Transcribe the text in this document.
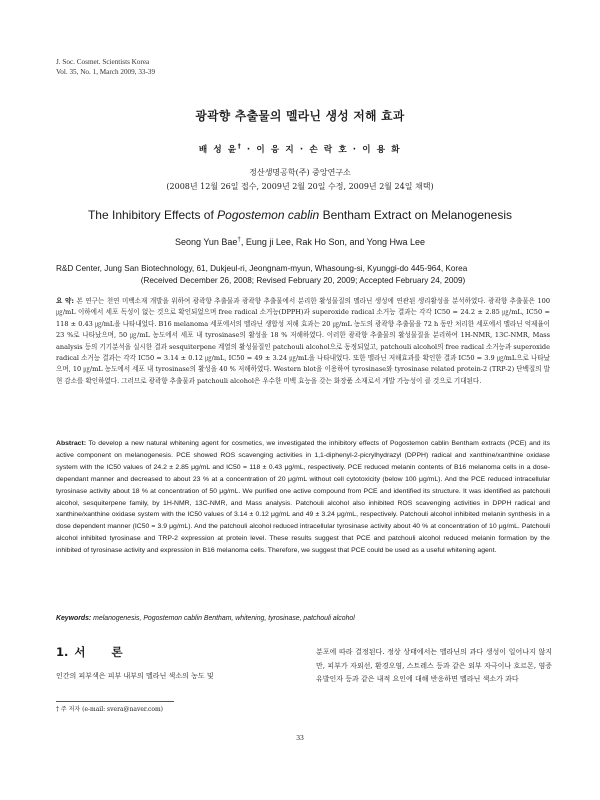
J. Soc. Cosmet. Scientists Korea
Vol. 35, No. 1, March 2009, 33-39
광곽향 추출물의 멜라닌 생성 저해 효과
배 성 윤† · 이 응 지 · 손 락 호 · 이 용 화
정산생명공학(주) 중앙연구소
(2008년 12월 26일 접수, 2009년 2월 20일 수정, 2009년 2월 24일 채택)
The Inhibitory Effects of Pogostemon cablin Bentham Extract on Melanogenesis
Seong Yun Bae†, Eung ji Lee, Rak Ho Son, and Yong Hwa Lee
R&D Center, Jung San Biotechnology, 61, Dukjeul-ri, Jeongnam-myun, Whasoung-si, Kyunggi-do 445-964, Korea
(Received December 26, 2008; Revised February 20, 2009; Accepted February 24, 2009)
요 약: 본 연구는 천연 미백소재 개발을 위하여 광곽향 추출물과 광곽향 추출물에서 분리한 활성물질의 멜라닌 생성에 연관된 생리활성을 분석하였다. 광곽향 추출물은 100 ㎍/mL 이하에서 세포 독성이 없는 것으로 확인되었으며 free radical 소거능(DPPH)과 superoxide radical 소거능 결과는 각각 IC50 = 24.2 ± 2.85 ㎍/mL, IC50 = 118 ± 0.43 ㎍/mL을 나타내었다. B16 melanoma 세포에서의 멜라닌 생합성 저해 효과는 20 ㎍/mL 농도의 광곽향 추출물을 72 h 동안 처리한 세포에서 멜라닌 억제율이 23 %로 나타났으며, 50 ㎍/mL 농도에서 세포 내 tyrosinase의 활성을 18 % 저해하였다. 이러한 광곽향 추출물의 활성물질을 분리하여 1H-NMR, 13C-NMR, Mass analysis 등의 기기분석을 실시한 결과 sesquiterpene 계열의 활성물질인 patchouli alcohol으로 동정되었고, patchouli alcohol의 free radical 소거능과 superoxide radical 소거능 결과는 각각 IC50 = 3.14 ± 0.12 ㎍/mL, IC50 = 49 ± 3.24 ㎍/mL을 나타내었다. 또한 멜라닌 저해효과를 확인한 결과 IC50 = 3.9 ㎍/mL으로 나타났으며, 10 ㎍/mL 농도에서 세포 내 tyrosinase의 활성을 40 % 저해하였다. Western blot을 이용하여 tyrosinase와 tyrosinase related protein-2 (TRP-2) 단백질의 발현 감소를 확인하였다. 그러므로 광곽향 추출물과 patchouli alcohol은 우수한 미백 효능을 갖는 화장품 소재로서 개발 가능성이 클 것으로 기대된다.
Abstract: To develop a new natural whitening agent for cosmetics, we investigated the inhibitory effects of Pogostemon cablin Bentham extracts (PCE) and its active component on melanogenesis. PCE showed ROS scavenging activities in 1,1-diphenyl-2-picrylhydrazyl (DPPH) radical and xanthine/xanthine oxidase system with the IC50 values of 24.2 ± 2.85 μg/mL and IC50 = 118 ± 0.43 μg/mL, respectively. PCE reduced melanin contents of B16 melanoma cells in a dose-dependant manner and decreased to about 23 % at a concentration of 20 μg/mL without cell cytotoxicity (below 100 μg/mL). And the PCE reduced intracellular tyrosinase activity about 18 % at concentration of 50 μg/mL. We purified one active compound from PCE and identified its structure. It was identified as patchouli alcohol, sesquiterpene family, by 1H-NMR, 13C-NMR, and Mass analysis. Patchouli alcohol also inhibited ROS scavenging activities in DPPH radical and xanthine/xanthine oxidase system with the IC50 values of 3.14 ± 0.12 μg/mL and 49 ± 3.24 μg/mL, respectively. Patchouli alcohol inhibited melanin synthesis in a dose dependent manner (IC50 = 3.9 μg/mL). And the patchouli alcohol reduced intracellular tyrosinase activity about 40 % at concentration of 10 μg/mL. Patchouli alcohol inhibited tyrosinase and TRP-2 expression at protein level. These results suggest that PCE and patchouli alcohol reduced melanin formation by the inhibited of tyrosinase activity and expression in B16 melanoma cells. Therefore, we suggest that PCE could be used as a useful whitening agent.
Keywords: melanogenesis, Pogostemon cablin Bentham, whitening, tyrosinase, patchouli alcohol
1. 서 론
인간의 피부색은 피부 내부의 멜라닌 색소의 농도 및
분포에 따라 결정된다. 정상 상태에서는 멜라닌의 과다 생성이 일어나지 않지만, 피부가 자외선, 환경오염, 스트레스 등과 같은 외부 자극이나 호르몬, 염증 유발인자 등과 같은 내적 요인에 대해 반응하면 멜라닌 색소가 과다
† 주 저자 (e-mail: svera@naver.com)
33
